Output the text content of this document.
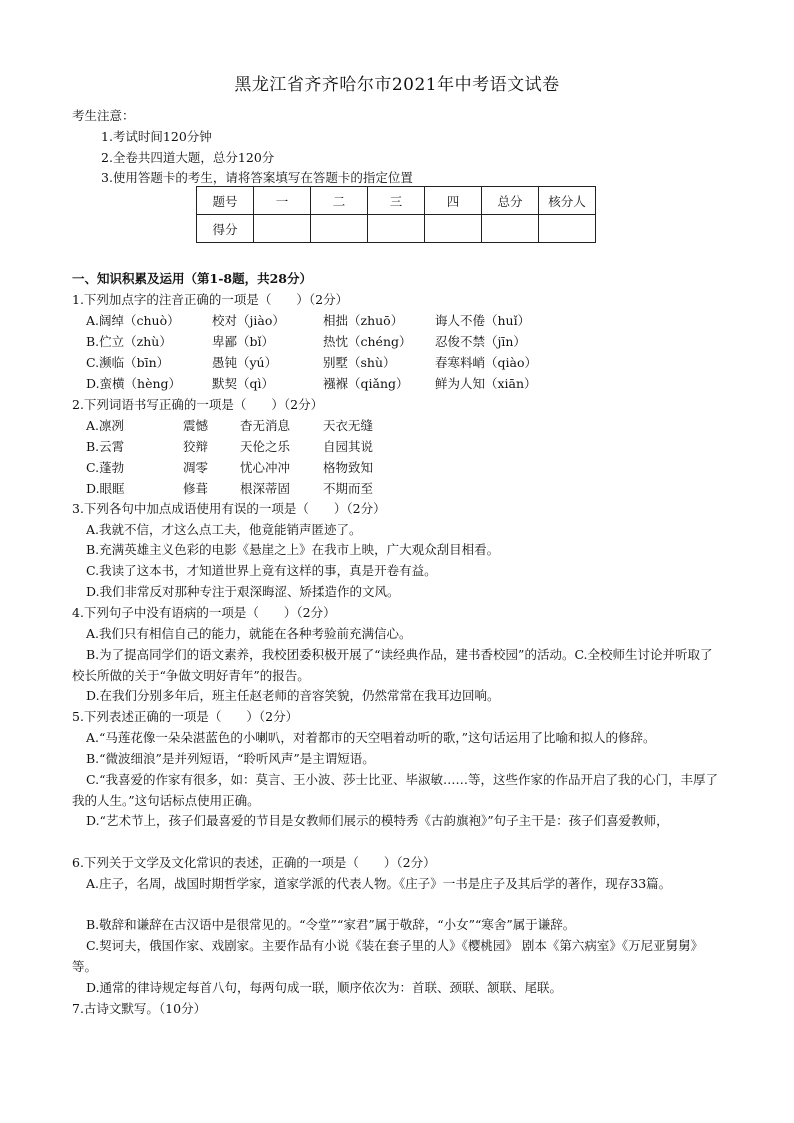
黑龙江省齐齐哈尔市2021年中考语文试卷
考生注意：
1.考试时间120分钟
2.全卷共四道大题，总分120分
3.使用答题卡的考生，请将答案填写在答题卡的指定位置
题号	一	二	三	四	总分	核分人
得分						
一、知识积累及运用（第1-8题，共28分）
1.下列加点字的注音正确的一项是（　　）（2分）
A.阔绰（chuò）	校对（jiào）	相拙（zhuō）	诲人不倦（huǐ）
B.伫立（zhù）	卑鄙（bǐ）	热忱（chéng） 忍俊不禁（jīn）
C.濒临（bīn）	愚钝（yú）	别墅（shù）	春寒料峭（qiào）
D.蛮横（hèng） 默契（qì）	襁褓（qiǎng） 鲜为人知（xiān）
2.下列词语书写正确的一项是（　　）（2分）
A.凛冽	震憾	杳无消息	天衣无缝
B.云霄	狡辩	天伦之乐	自园其说
C.蓬勃	凋零	忧心冲冲	格物致知
D.眼眶	修葺	根深蒂固	不期而至
3.下列各句中加点成语使用有误的一项是（　　）（2分）
A.我就不信，才这么点工夫，他竟能销声匿迹了。
B.充满英雄主义色彩的电影《悬崖之上》在我市上映，广大观众刮目相看。
C.我读了这本书，才知道世界上竟有这样的事，真是开卷有益。
D.我们非常反对那种专注于艰深晦涩、矫揉造作的文风。
4.下列句子中没有语病的一项是（　　）（2分）
A.我们只有相信自己的能力，就能在各种考验前充满信心。
B.为了提高同学们的语文素养，我校团委积极开展了“读经典作品，建书香校园”的活动。C.全校师生讨论并听取了校长所做的关于“争做文明好青年”的报告。
D.在我们分别多年后，班主任赵老师的音容笑貌，仍然常常在我耳边回响。
5.下列表述正确的一项是（　　）（2分）
A.“马莲花像一朵朵湛蓝色的小喇叭，对着都市的天空唱着动听的歌，”这句话运用了比喻和拟人的修辞。
B.“微波细浪”是并列短语，“聆听风声”是主谓短语。
C.“我喜爱的作家有很多，如：莫言、王小波、莎士比亚、毕淑敏……等，这些作家的作品开启了我的心门，丰厚了我的人生。”这句话标点使用正确。
D.“艺术节上，孩子们最喜爱的节目是女教师们展示的模特秀《古韵旗袍》”句子主干是：孩子们喜爱教师，
6.下列关于文学及文化常识的表述，正确的一项是（　　）（2分）
A.庄子，名周，战国时期哲学家，道家学派的代表人物。《庄子》一书是庄子及其后学的著作，现存33篇。
B.敬辞和谦辞在古汉语中是很常见的。“令堂”“家君”属于敬辞，“小女”“寒舍”属于谦辞。
C.契诃夫，俄国作家、戏剧家。主要作品有小说《装在套子里的人》《樱桃园》 剧本《第六病室》《万尼亚舅舅》等。
D.通常的律诗规定每首八句，每两句成一联，顺序依次为：首联、颈联、颔联、尾联。
7.古诗文默写。（10分）
